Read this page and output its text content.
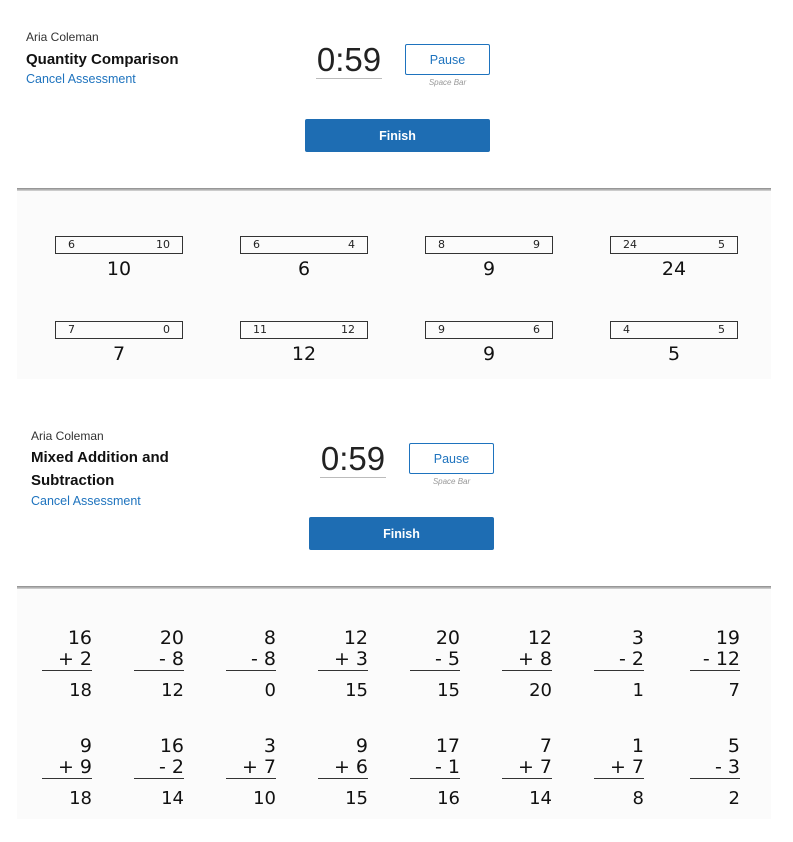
Aria Coleman
Quantity Comparison
Cancel Assessment
0:59	Pause
Space Bar
Finish
6	10
10
6	4
6
8	9
9
24	5
24
7	0
7
11	12
12
9	6
9
4	5
5
Aria Coleman
Mixed Addition and
Subtraction
Cancel Assessment
0:59	Pause
Space Bar
Finish
16
+ 2
18
20
- 8
12
8
- 8
0
12
+ 3
15
20
- 5
15
12
+ 8
20
3
- 2
1
19
- 12
7
9
+ 9
18
16
- 2
14
3
+ 7
10
9
+ 6
15
17
- 1
16
7
+ 7
14
1
+ 7
8
5
- 3
2
